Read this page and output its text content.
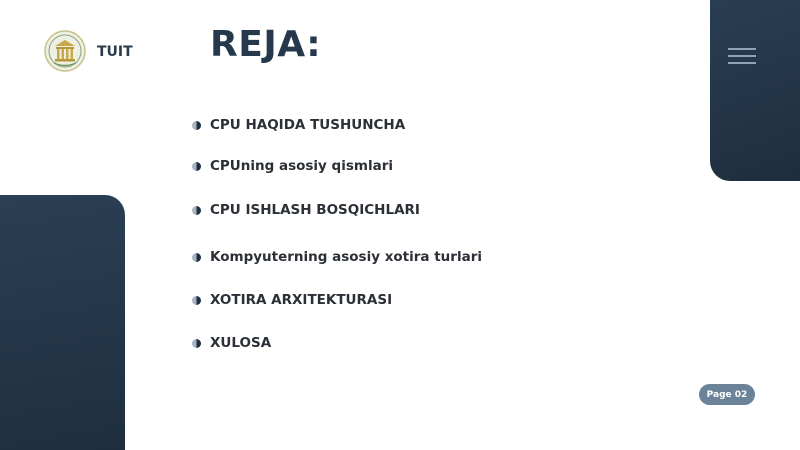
TUIT REJA:
CPU HAQIDA TUSHUNCHA
CPUning asosiy qismlari
CPU ISHLASH BOSQICHLARI
Kompyuterning asosiy xotira turlari
XOTIRA ARXITEKTURASI
XULOSA
Page 02
